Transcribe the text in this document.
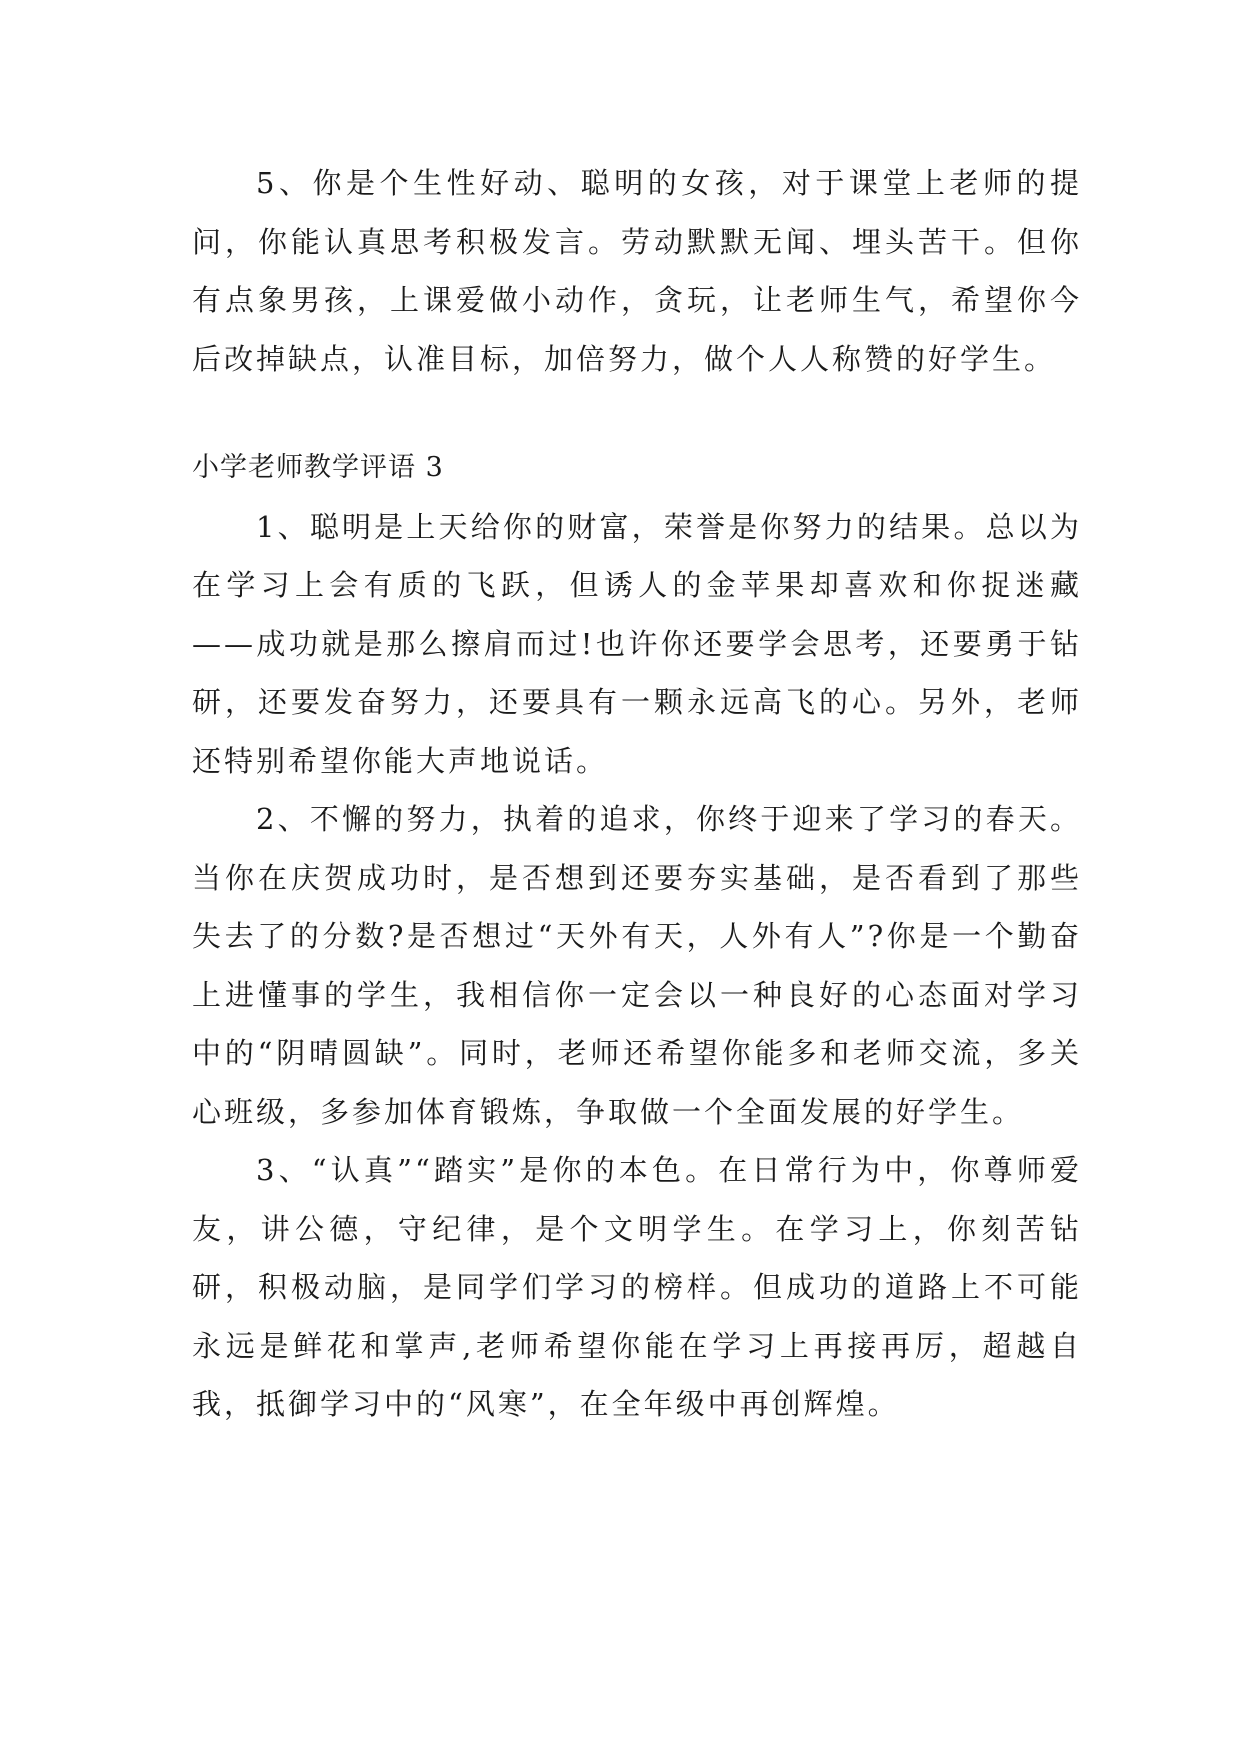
5、你是个生性好动、聪明的女孩，对于课堂上老师的提问，你能认真思考积极发言。劳动默默无闻、埋头苦干。但你有点象男孩，上课爱做小动作，贪玩，让老师生气，希望你今后改掉缺点，认准目标，加倍努力，做个人人称赞的好学生。

小学老师教学评语 3

1、聪明是上天给你的财富，荣誉是你努力的结果。总以为在学习上会有质的飞跃，但诱人的金苹果却喜欢和你捉迷藏——成功就是那么擦肩而过!也许你还要学会思考，还要勇于钻研，还要发奋努力，还要具有一颗永远高飞的心。另外，老师还特别希望你能大声地说话。

2、不懈的努力，执着的追求，你终于迎来了学习的春天。当你在庆贺成功时，是否想到还要夯实基础，是否看到了那些失去了的分数?是否想过“天外有天，人外有人”?你是一个勤奋上进懂事的学生，我相信你一定会以一种良好的心态面对学习中的“阴晴圆缺”。同时，老师还希望你能多和老师交流，多关心班级，多参加体育锻炼，争取做一个全面发展的好学生。

3、“认真”“踏实”是你的本色。在日常行为中，你尊师爱友，讲公德，守纪律，是个文明学生。在学习上，你刻苦钻研，积极动脑，是同学们学习的榜样。但成功的道路上不可能永远是鲜花和掌声,老师希望你能在学习上再接再厉，超越自我，抵御学习中的“风寒”，在全年级中再创辉煌。
